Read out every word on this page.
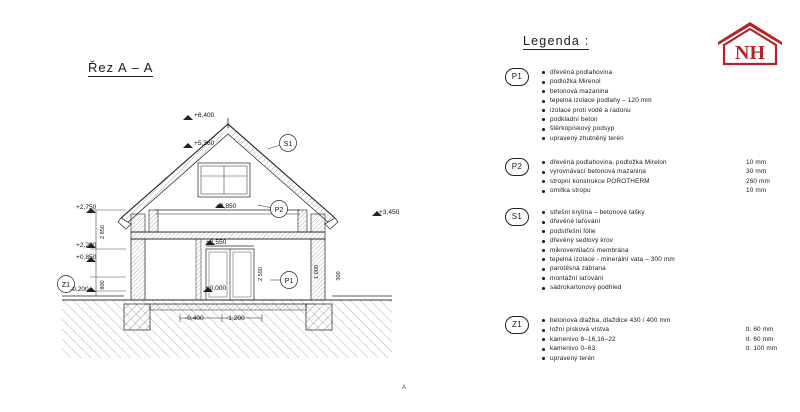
S1
P2
P1
Z1
+6,400
+5,360
+3,450
+2,750	+2,850
+2,200
+0,850
+2,550
±0,000
-0,200
-0,400	-1,200
2 850
800
2 550	1 000	300
Řez A – A
A
Legenda :
P1	dřevěná podlahovina
podložka Mirenol
betonová mazanina
tepelná izolace podlahy – 120 mm
izolace proti vodě a radonu
podkladní beton
štěrkopískový podsyp
upravený zhutněný terén
P2	dřevěná podlahovina, podložka Mirelon	10 mm
vyrovnávací betonová mazanina	30 mm
stropní konstrukce POROTHERM	260 mm
omítka stropu	10 mm
S1	střešní krytina – betonové tašky
dřevěné laťování
podstřešní fólie
dřevěný sedlový krov
mikroventilační membrána
tepelná izolace - minerální vata – 300 mm
parotěsná zábrana
montážní laťování
sádrokartonový podhled
Z1	betonová dlažba, dlaždice 430 / 400 mm
ložní písková vrstva	tl. 60 mm
kamenivo 8–16,16–22	tl. 60 mm
kamenivo 0–63	tl. 100 mm
upravený terén
NH
